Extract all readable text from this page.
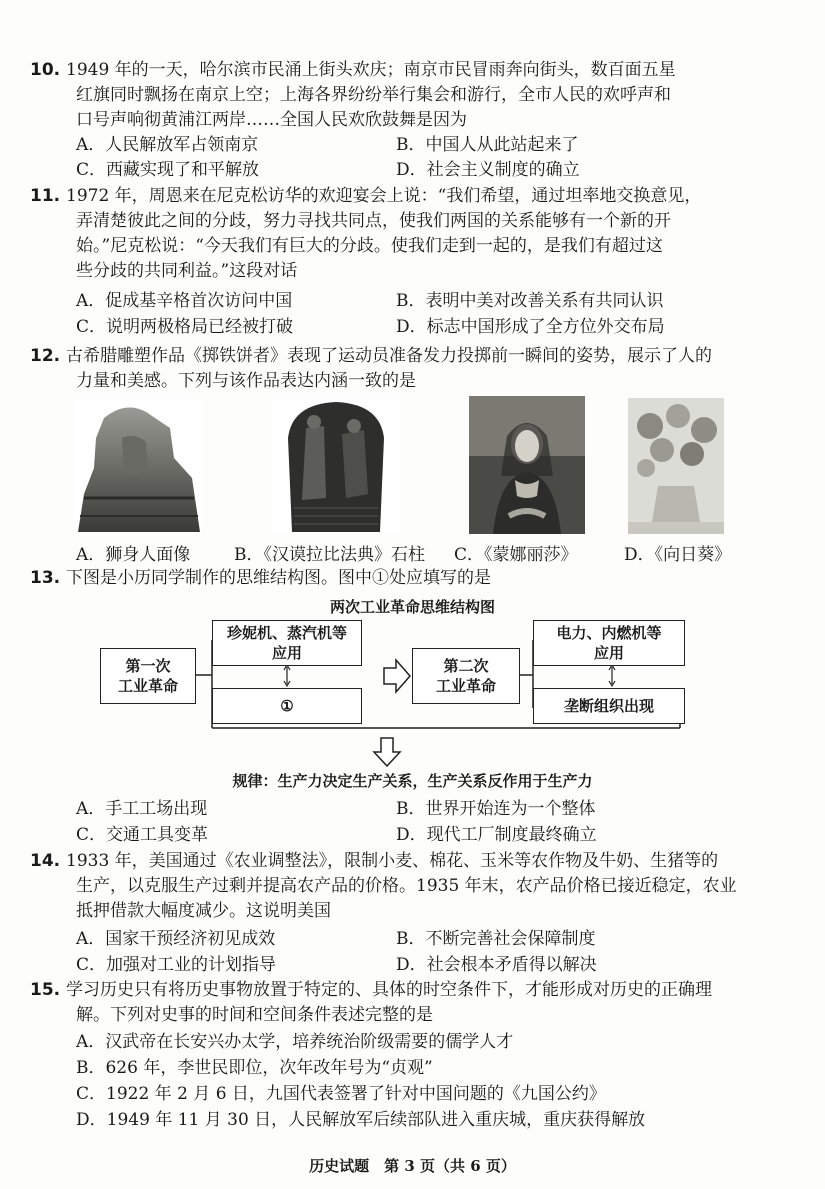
10. 1949 年的一天，哈尔滨市民涌上街头欢庆；南京市民冒雨奔向街头，数百面五星
红旗同时飘扬在南京上空；上海各界纷纷举行集会和游行，全市人民的欢呼声和
口号声响彻黄浦江两岸……全国人民欢欣鼓舞是因为
A．人民解放军占领南京	B．中国人从此站起来了
C．西藏实现了和平解放	D．社会主义制度的确立
11. 1972 年，周恩来在尼克松访华的欢迎宴会上说：“我们希望，通过坦率地交换意见，
弄清楚彼此之间的分歧，努力寻找共同点，使我们两国的关系能够有一个新的开
始。”尼克松说：“今天我们有巨大的分歧。使我们走到一起的，是我们有超过这
些分歧的共同利益。”这段对话
A．促成基辛格首次访问中国	B．表明中美对改善关系有共同认识
C．说明两极格局已经被打破	D．标志中国形成了全方位外交布局
12. 古希腊雕塑作品《掷铁饼者》表现了运动员准备发力投掷前一瞬间的姿势，展示了人的
力量和美感。下列与该作品表达内涵一致的是
A．狮身人面像	B．《汉谟拉比法典》石柱 C．《蒙娜丽莎》	D．《向日葵》
13. 下图是小历同学制作的思维结构图。图中①处应填写的是
两次工业革命思维结构图
第一次
工业革命
珍妮机、蒸汽机等
应用
①
第二次
工业革命
电力、内燃机等
应用
垄断组织出现
规律：生产力决定生产关系，生产关系反作用于生产力
A．手工工场出现	B．世界开始连为一个整体
C．交通工具变革	D．现代工厂制度最终确立
14. 1933 年，美国通过《农业调整法》，限制小麦、棉花、玉米等农作物及牛奶、生猪等的
生产，以克服生产过剩并提高农产品的价格。1935 年末，农产品价格已接近稳定，农业
抵押借款大幅度减少。这说明美国
A．国家干预经济初见成效	B．不断完善社会保障制度
C．加强对工业的计划指导	D．社会根本矛盾得以解决
15. 学习历史只有将历史事物放置于特定的、具体的时空条件下，才能形成对历史的正确理
解。下列对史事的时间和空间条件表述完整的是
A．汉武帝在长安兴办太学，培养统治阶级需要的儒学人才
B．626 年，李世民即位，次年改年号为“贞观”
C．1922 年 2 月 6 日，九国代表签署了针对中国问题的《九国公约》
D．1949 年 11 月 30 日，人民解放军后续部队进入重庆城，重庆获得解放
历史试题　第 3 页（共 6 页）
